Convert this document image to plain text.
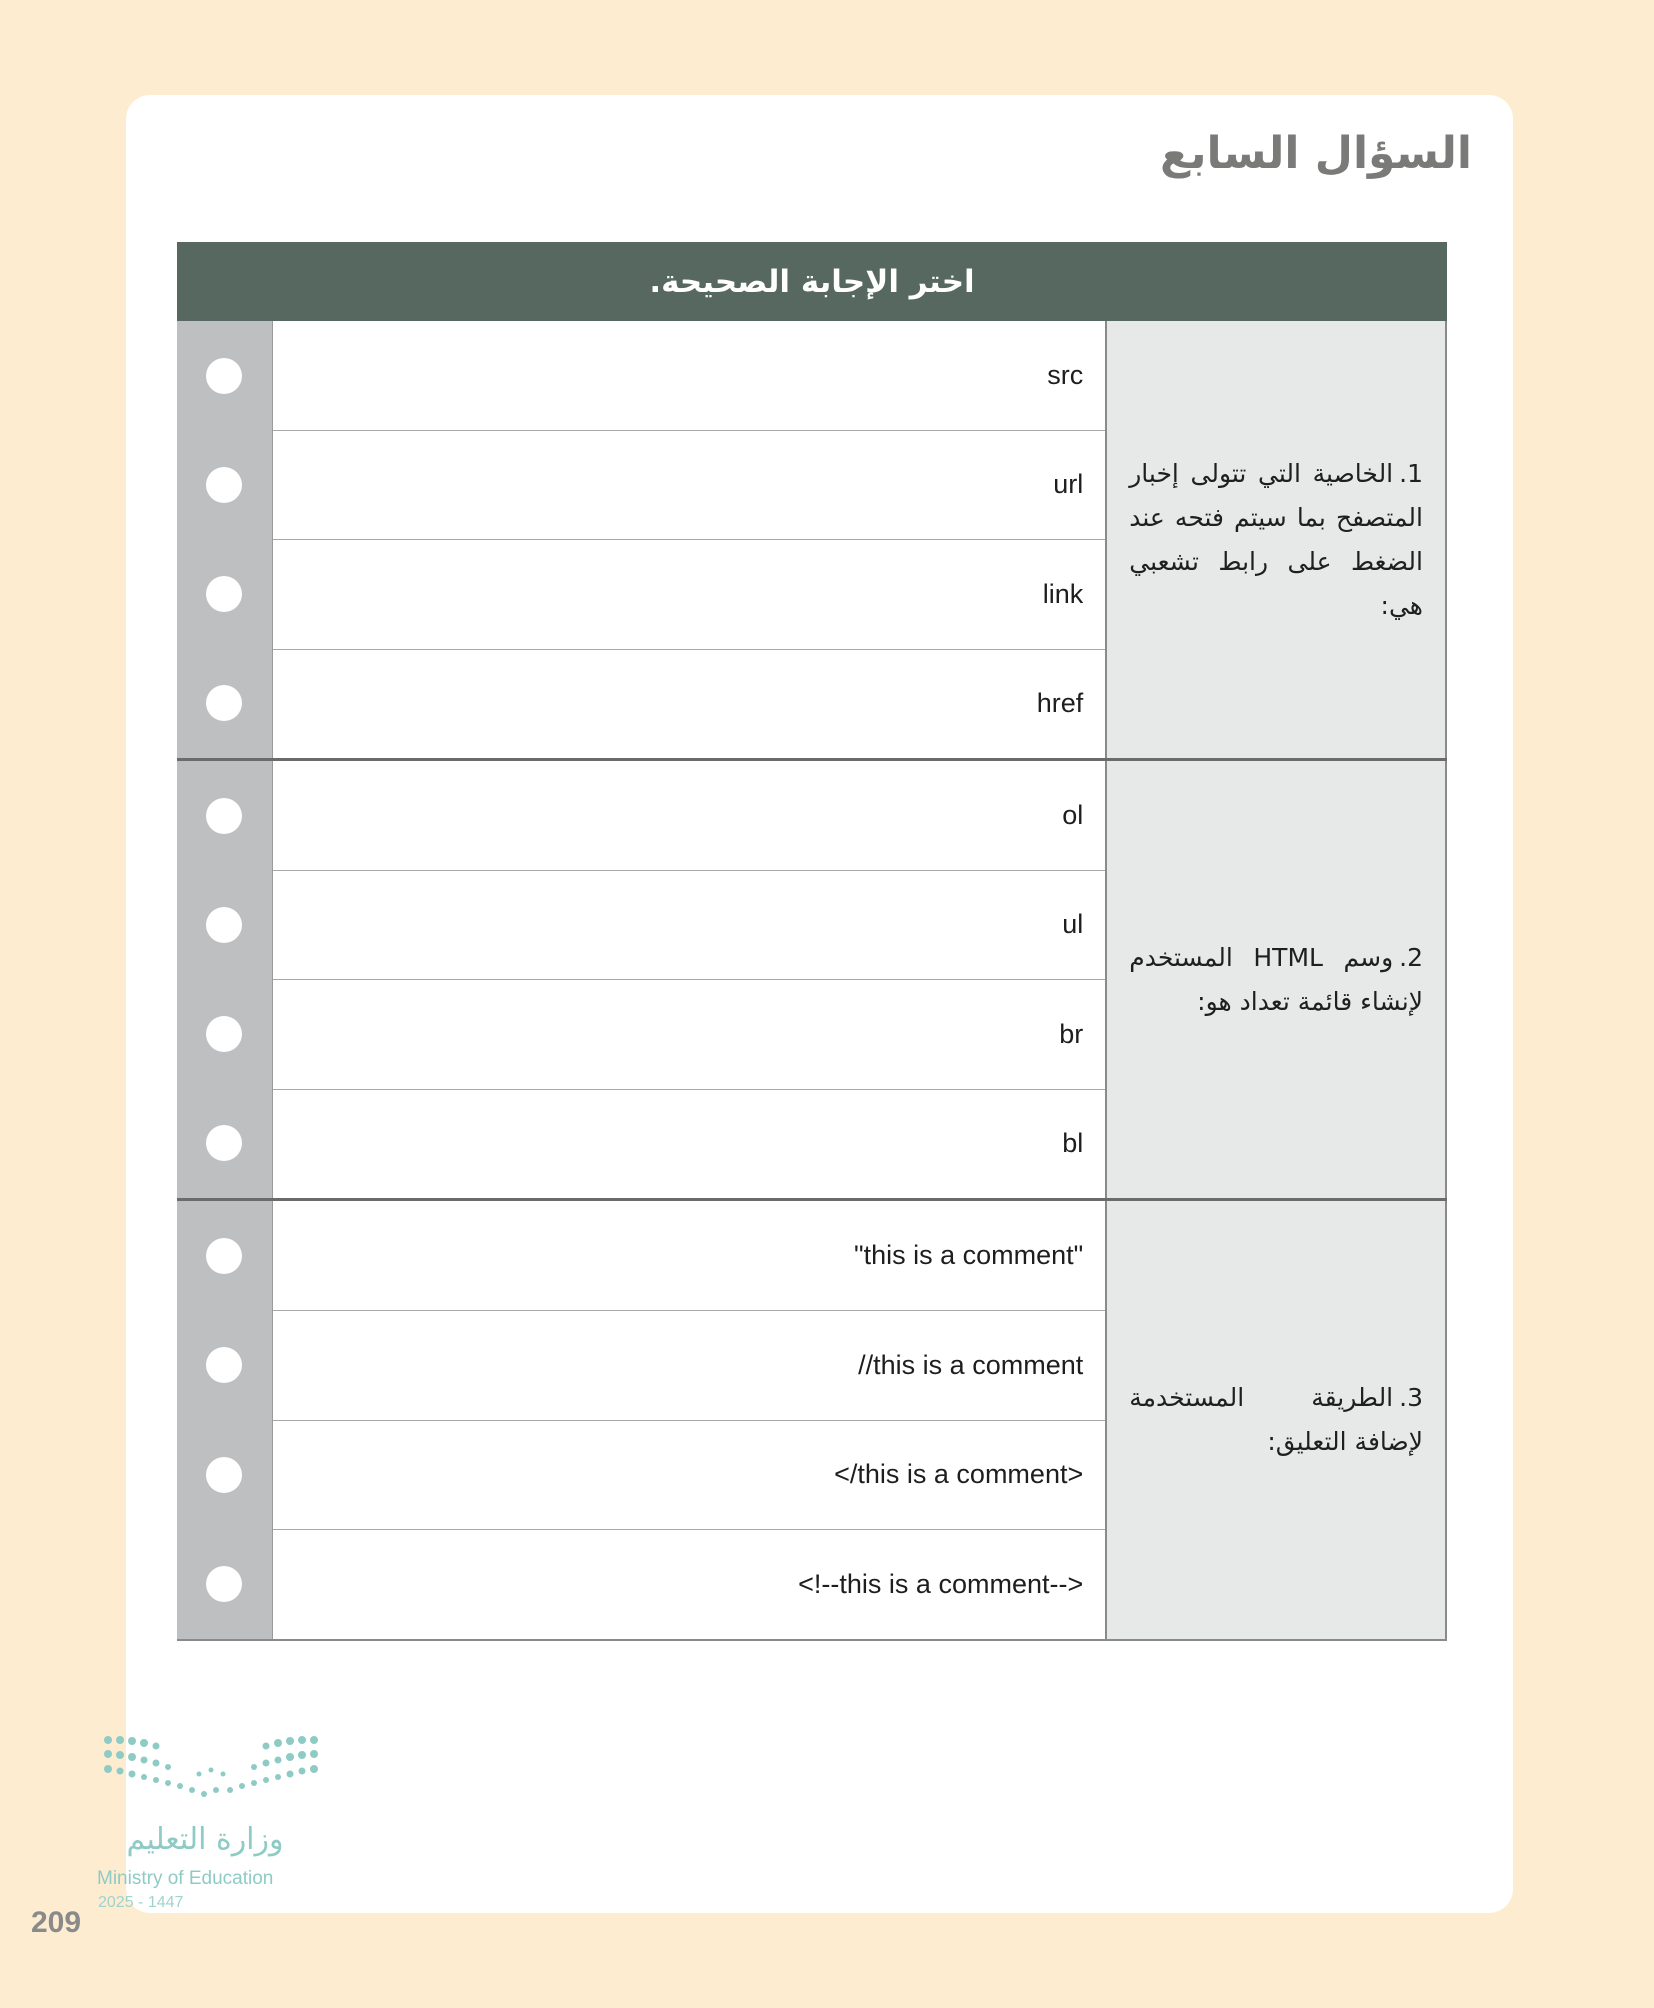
السؤال السابع
اختر الإجابة الصحيحة.
src
url
link
href
1.الخاصية التي تتولى إخبار المتصفح بما سيتم فتحه عند الضغط على رابط تشعبي هي:
ol
ul
br
bl
2.وسم HTML المستخدم لإنشاء قائمة تعداد هو:
"this is a comment"
//this is a comment
</this is a comment>
<!--this is a comment-->
3.الطريقة المستخدمة لإضافة التعليق:
وزارة التعليم
Ministry of Education
2025 - 1447
209
